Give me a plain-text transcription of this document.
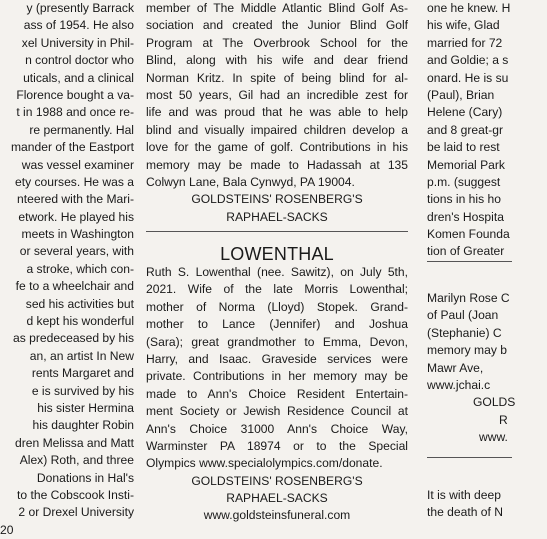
y (presently Barrack
ass of 1954. He also
xel University in Phil-
n control doctor who
uticals, and a clinical
Florence bought a va-
t in 1988 and once re-
re permanently. Hal
mander of the Eastport
was vessel examiner
ety courses. He was a
nteered with the Mari-
etwork. He played his
meets in Washington
or several years, with
a stroke, which con-
fe to a wheelchair and
sed his activities but
d kept his wonderful
as predeceased by his
an, an artist In New
rents Margaret and
e is survived by his
his sister Hermina
his daughter Robin
dren Melissa and Matt
Alex) Roth, and three
Donations in Hal's
to the Cobscook Insti-
2 or Drexel University
20
member of The Middle Atlantic Blind Golf As-
sociation and created the Junior Blind Golf
Program at The Overbrook School for the
Blind, along with his wife and dear friend
Norman Kritz. In spite of being blind for al-
most 50 years, Gil had an incredible zest for
life and was proud that he was able to help
blind and visually impaired children develop a
love for the game of golf. Contributions in his
memory may be made to Hadassah at 135
Colwyn Lane, Bala Cynwyd, PA 19004.
GOLDSTEINS' ROSENBERG'S
RAPHAEL-SACKS
LOWENTHAL
Ruth S. Lowenthal (nee. Sawitz), on July 5th,
2021. Wife of the late Morris Lowenthal;
mother of Norma (Lloyd) Stopek. Grand-
mother to Lance (Jennifer) and Joshua
(Sara); great grandmother to Emma, Devon,
Harry, and Isaac. Graveside services were
private. Contributions in her memory may be
made to Ann's Choice Resident Entertain-
ment Society or Jewish Residence Council at
Ann's Choice 31000 Ann's Choice Way,
Warminster PA 18974 or to the Special
Olympics www.specialolympics.com/donate.
GOLDSTEINS' ROSENBERG'S
RAPHAEL-SACKS
www.goldsteinsfuneral.com
one he knew. H
his wife, Glad
married for 72
and Goldie; a s
onard. He is su
(Paul), Brian
Helene (Cary)
and 8 great-gr
be laid to rest
Memorial Park
p.m. (suggest
tions in his ho
dren's Hospita
Komen Founda
tion of Greater
Marilyn Rose C
of Paul (Joan
(Stephanie) C
memory may b
Mawr Ave,
www.jchai.c
GOLDS
R
www.
It is with deep
the death of N
